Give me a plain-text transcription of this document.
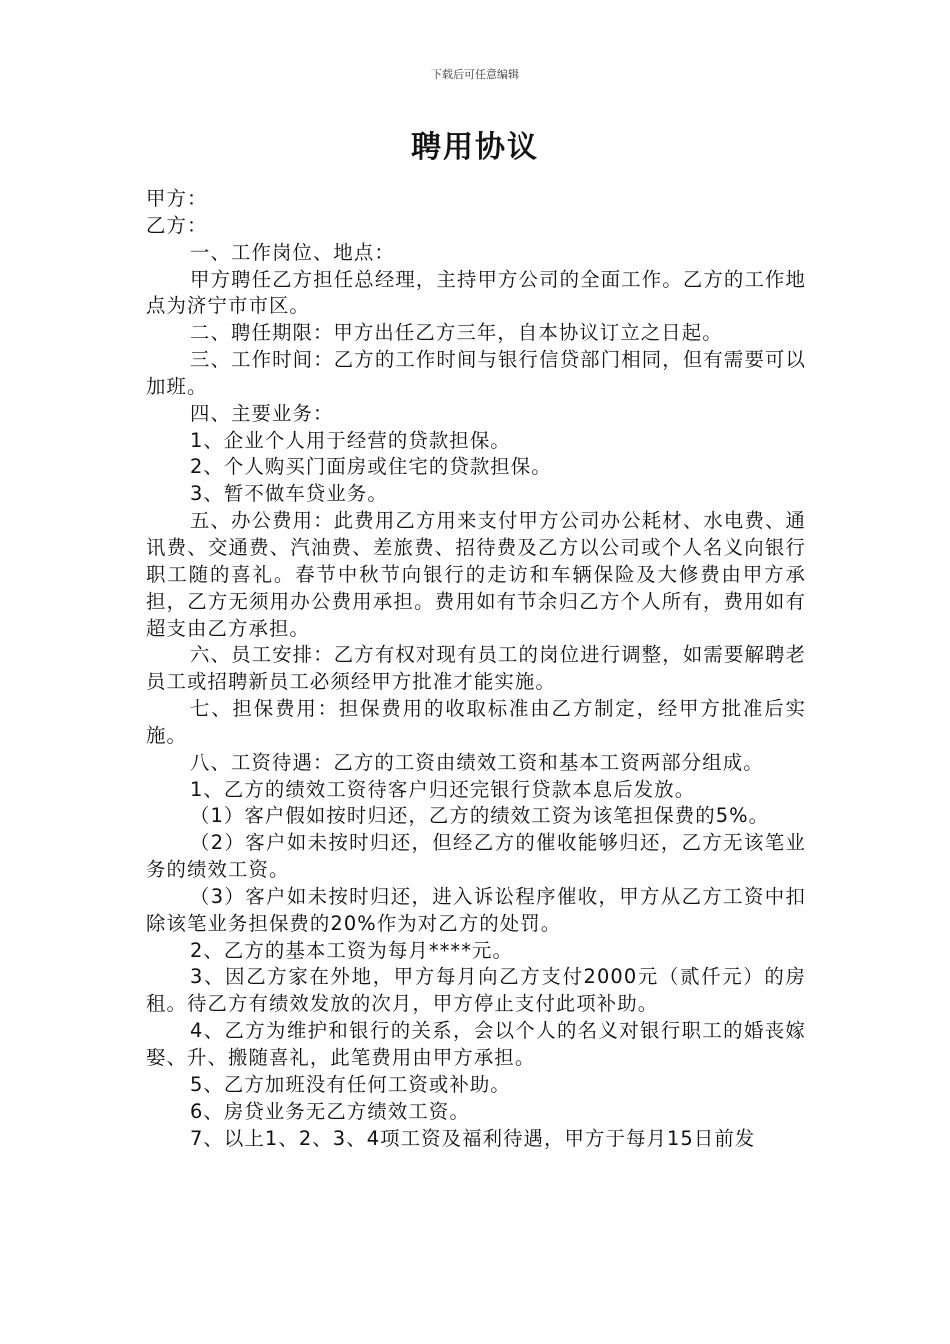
下载后可任意编辑
聘用协议

甲方：

乙方：

一、工作岗位、地点：

甲方聘任乙方担任总经理，主持甲方公司的全面工作。乙方的工作地点为济宁市市区。

二、聘任期限：甲方出任乙方三年，自本协议订立之日起。

三、工作时间：乙方的工作时间与银行信贷部门相同，但有需要可以加班。

四、主要业务：

1、企业个人用于经营的贷款担保。

2、个人购买门面房或住宅的贷款担保。

3、暂不做车贷业务。

五、办公费用：此费用乙方用来支付甲方公司办公耗材、水电费、通讯费、交通费、汽油费、差旅费、招待费及乙方以公司或个人名义向银行职工随的喜礼。春节中秋节向银行的走访和车辆保险及大修费由甲方承担，乙方无须用办公费用承担。费用如有节余归乙方个人所有，费用如有超支由乙方承担。

六、员工安排：乙方有权对现有员工的岗位进行调整，如需要解聘老员工或招聘新员工必须经甲方批准才能实施。

七、担保费用：担保费用的收取标准由乙方制定，经甲方批准后实施。

八、工资待遇：乙方的工资由绩效工资和基本工资两部分组成。

1、乙方的绩效工资待客户归还完银行贷款本息后发放。

（1）客户假如按时归还，乙方的绩效工资为该笔担保费的5%。

（2）客户如未按时归还，但经乙方的催收能够归还，乙方无该笔业务的绩效工资。

（3）客户如未按时归还，进入诉讼程序催收，甲方从乙方工资中扣除该笔业务担保费的20%作为对乙方的处罚。

2、乙方的基本工资为每月****元。

3、因乙方家在外地，甲方每月向乙方支付2000元（贰仟元）的房租。待乙方有绩效发放的次月，甲方停止支付此项补助。

4、乙方为维护和银行的关系，会以个人的名义对银行职工的婚丧嫁娶、升、搬随喜礼，此笔费用由甲方承担。

5、乙方加班没有任何工资或补助。

6、房贷业务无乙方绩效工资。

7、以上1、2、3、4项工资及福利待遇，甲方于每月15日前发
